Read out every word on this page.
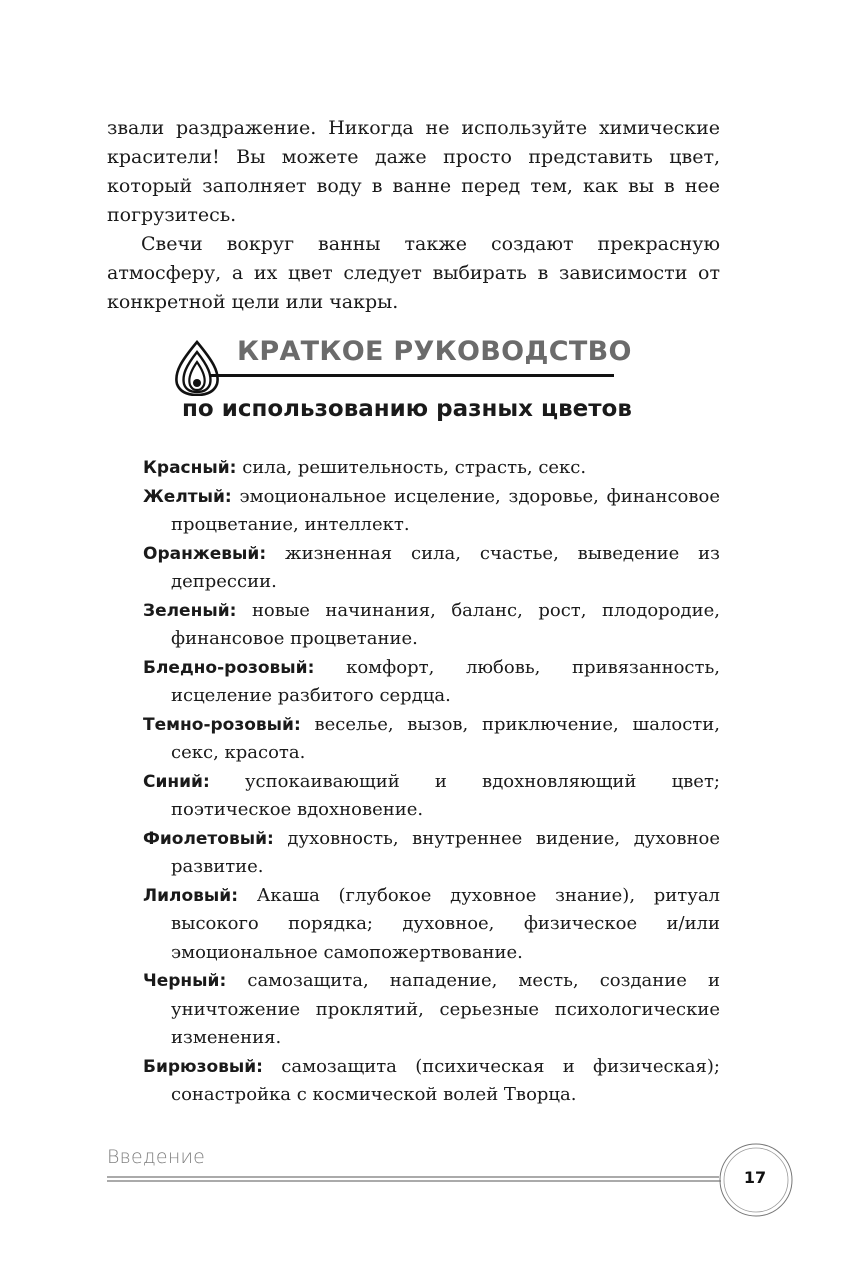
звали раздражение. Никогда не используйте химические красители! Вы можете даже просто представить цвет, который заполняет воду в ванне перед тем, как вы в нее погрузитесь.

Свечи вокруг ванны также создают прекрасную атмосферу, а их цвет следует выбирать в зависимости от конкретной цели или чакры.

КРАТКОЕ РУКОВОДСТВО
по использованию разных цветов

Красный: сила, решительность, страсть, секс.

Желтый: эмоциональное исцеление, здоровье, финансовое процветание, интеллект.

Оранжевый: жизненная сила, счастье, выведение из депрессии.

Зеленый: новые начинания, баланс, рост, плодородие, финансовое процветание.

Бледно-розовый: комфорт, любовь, привязанность, исцеление разбитого сердца.

Темно-розовый: веселье, вызов, приключение, шалости, секс, красота.

Синий: успокаивающий и вдохновляющий цвет; поэтическое вдохновение.

Фиолетовый: духовность, внутреннее видение, духовное развитие.

Лиловый: Акаша (глубокое духовное знание), ритуал высокого порядка; духовное, физическое и/или эмоциональное самопожертвование.

Черный: самозащита, нападение, месть, создание и уничтожение проклятий, серьезные психологические изменения.

Бирюзовый: самозащита (психическая и физическая); сонастройка с космической волей Творца.

Введение
17
